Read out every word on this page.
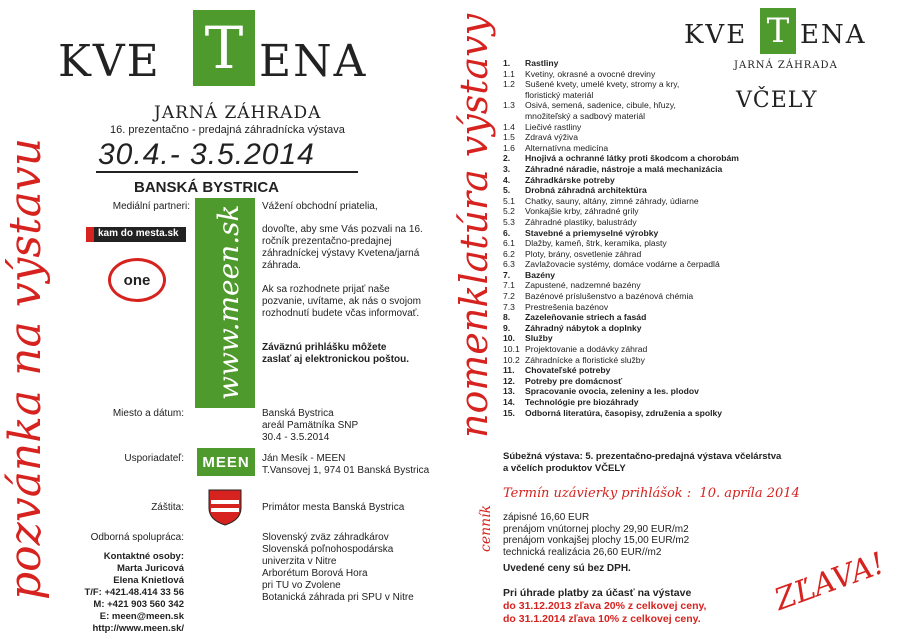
pozvánka na výstavu
KVE T ENA
JARNÁ ZÁHRADA
16. prezentačno - predajná záhradnícka výstava
30.4.- 3.5.2014
BANSKÁ BYSTRICA
www.meen.sk
Mediální partneri:
kam do mesta.sk
one
Vážení obchodní priatelia,
dovoľte, aby sme Vás pozvali na 16. ročník prezentačno-predajnej záhradníckej výstavy Kvetena/jarná záhrada.
Ak sa rozhodnete prijať naše pozvanie, uvítame, ak nás o svojom rozhodnutí budete včas informovať.
Záväznú prihlášku môžete zaslať aj elektronickou poštou.
Miesto a dátum:	Banská Bystrica
areál Pamätníka SNP
30.4 - 3.5.2014
Usporiadateľ: MEEN Ján Mesík - MEEN
T.Vansovej 1, 974 01 Banská Bystrica
Záštita:	Primátor mesta Banská Bystrica
Odborná spolupráca:	Slovenský zväz záhradkárov
Slovenská poľnohospodárska
univerzita v Nitre
Arborétum Borová Hora
pri TU vo Zvolene
Botanická záhrada pri SPU v Nitre
Kontaktné osoby:
Marta Juricová
Elena Knietlová
T/F: +421.48.414 33 56
M: +421 903 560 342
E: meen@meen.sk
http://www.meen.sk/
nomenklatúra výstavy	KVE T ENA
JARNÁ ZÁHRADA
VČELY
1.	Rastliny
1.1	Kvetiny, okrasné a ovocné dreviny
1.2	Sušené kvety, umelé kvety, stromy a kry,
floristický materiál
1.3	Osivá, semená, sadenice, cibule, hľuzy,
množiteľský a sadbový materiál
1.4	Liečivé rastliny
1.5	Zdravá výživa
1.6	Alternatívna medicína
2.	Hnojivá a ochranné látky proti škodcom a chorobám
3.	Záhradné náradie, nástroje a malá mechanizácia
4.	Záhradkárske potreby
5.	Drobná záhradná architektúra
5.1	Chatky, sauny, altány, zimné záhrady, údiarne
5.2	Vonkajšie krby, záhradné grily
5.3	Záhradné plastiky, balustrády
6.	Stavebné a priemyselné výrobky
6.1	Dlažby, kameň, štrk, keramika, plasty
6.2	Ploty, brány, osvetlenie záhrad
6.3	Zavlažovacie systémy, domáce vodárne a čerpadlá
7.	Bazény
7.1	Zapustené, nadzemné bazény
7.2	Bazénové príslušenstvo a bazénová chémia
7.3	Prestrešenia bazénov
8.	Zazeleňovanie striech a fasád
9.	Záhradný nábytok a doplnky
10.	Služby
10.1 Projektovanie a dodávky záhrad
10.2 Záhradnícke a floristické služby
11.	Chovateľské potreby
12.	Potreby pre domácnosť
13.	Spracovanie ovocia, zeleniny a les. plodov
14.	Technológie pre biozáhrady
15.	Odborná literatúra, časopisy, združenia a spolky
Súbežná výstava: 5. prezentačno-predajná výstava včelárstva
a včelích produktov VČELY
Termín uzávierky prihlášok :  10. apríla 2014
cenník zápisné 16,60 EUR
prenájom vnútornej plochy 29,90 EUR/m2
prenájom vonkajšej plochy 15,00 EUR/m2
technická realizácia 26,60 EUR//m2
Uvedené ceny sú bez DPH.	ZĽAVA!
Pri úhrade platby za účasť na výstave
do 31.12.2013 zľava 20% z celkovej ceny,
do 31.1.2014 zľava 10% z celkovej ceny.
